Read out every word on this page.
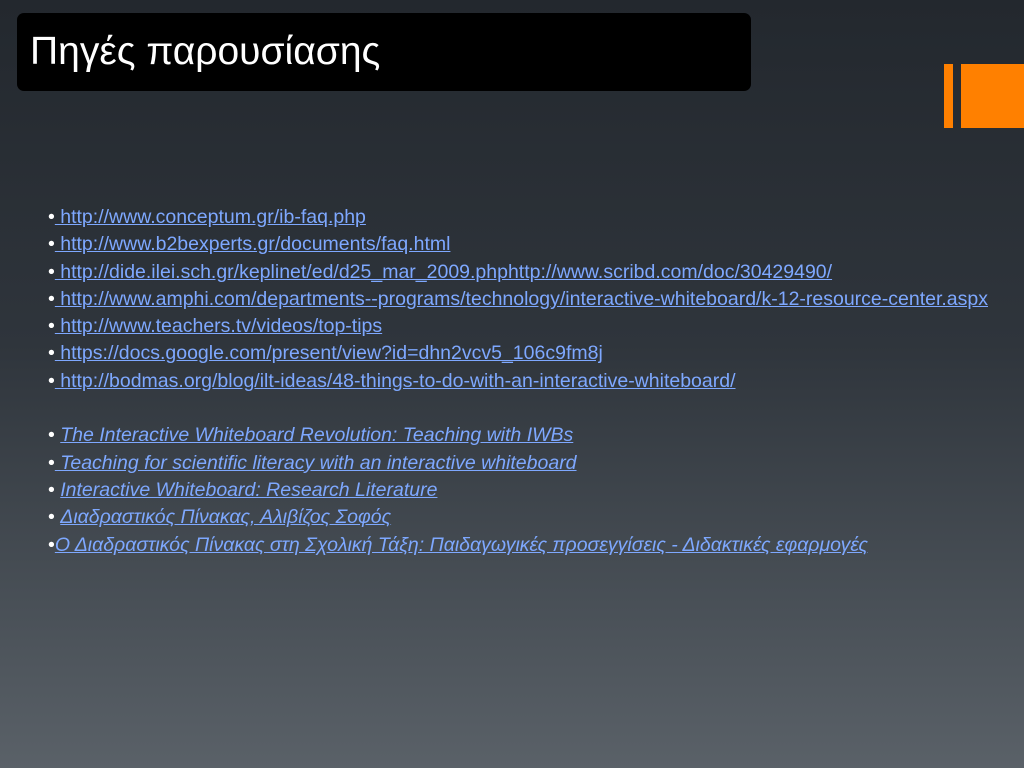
Πηγές παρουσίασης
• http://www.conceptum.gr/ib-faq.php
• http://www.b2bexperts.gr/documents/faq.html
• http://dide.ilei.sch.gr/keplinet/ed/d25_mar_2009.phphttp://www.scribd.com/doc/30429490/
• http://www.amphi.com/departments--programs/technology/interactive-whiteboard/k-12-resource-center.aspx
• http://www.teachers.tv/videos/top-tips
• https://docs.google.com/present/view?id=dhn2vcv5_106c9fm8j
• http://bodmas.org/blog/ilt-ideas/48-things-to-do-with-an-interactive-whiteboard/
• The Interactive Whiteboard Revolution: Teaching with IWBs
• Teaching for scientific literacy with an interactive whiteboard
• Interactive Whiteboard: Research Literature
• Διαδραστικός Πίνακας, Αλιβίζος Σοφός
•Ο Διαδραστικός Πίνακας στη Σχολική Τάξη: Παιδαγωγικές προσεγγίσεις - Διδακτικές εφαρμογές
